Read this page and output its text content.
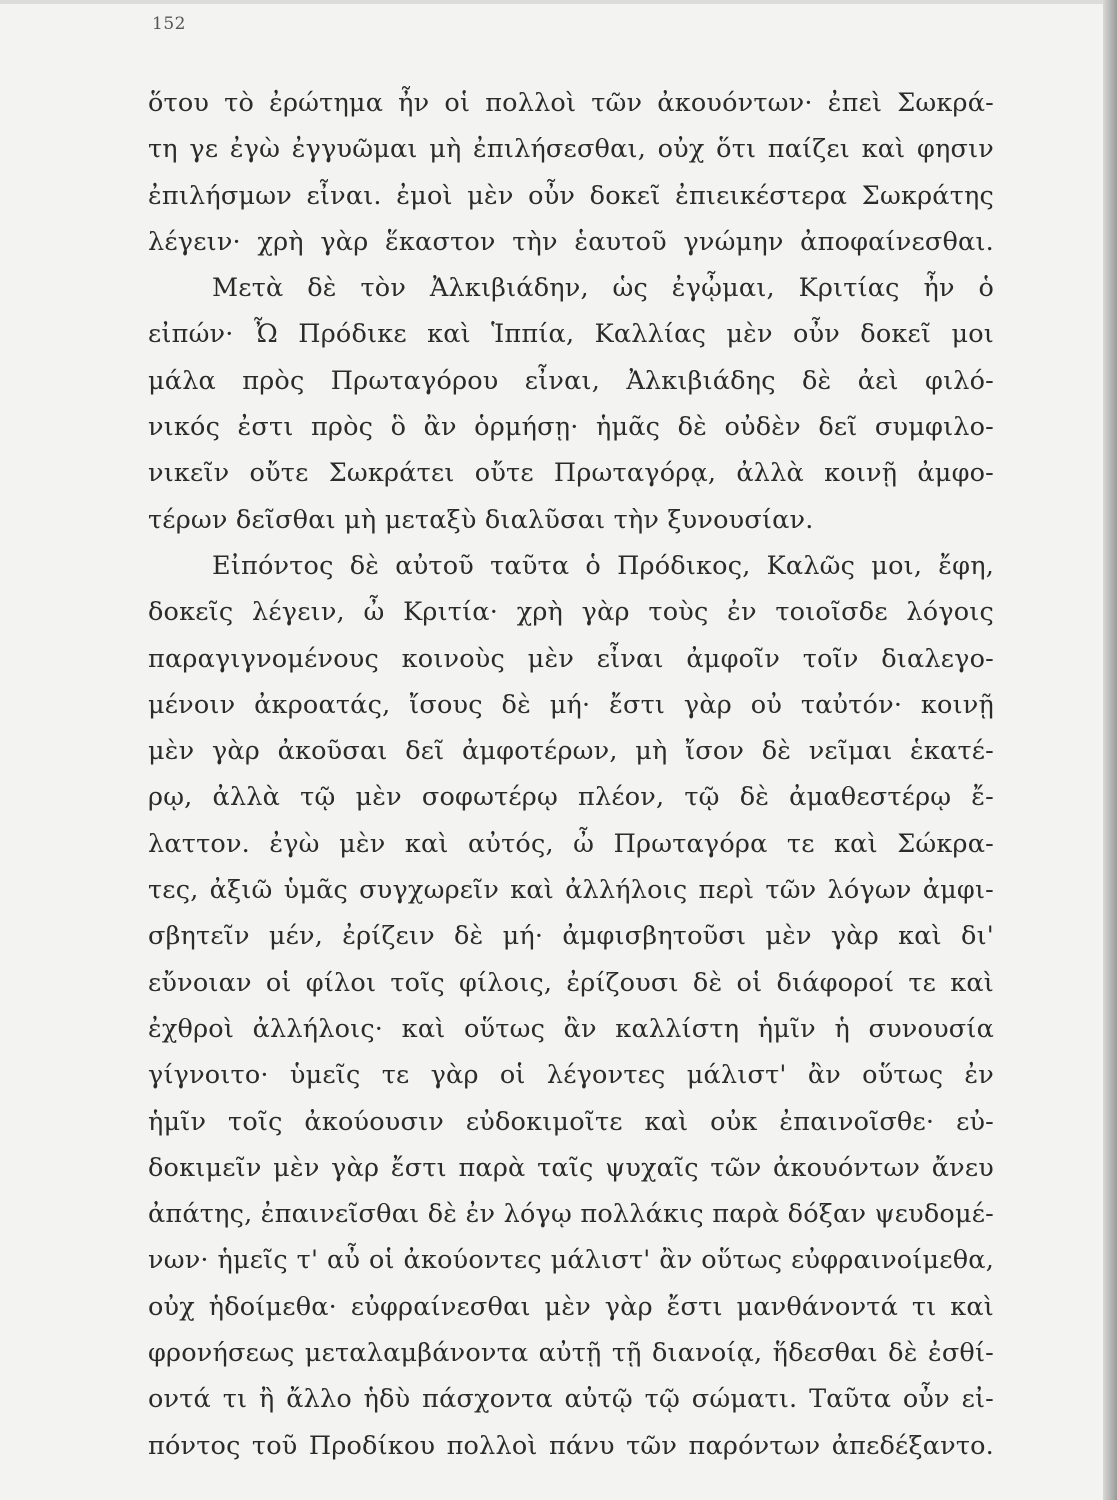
152
ὅτου τὸ ἐρώτημα ἦν οἱ πολλοὶ τῶν ἀκουόντων· ἐπεὶ Σωκρά-
τη γε ἐγὼ ἐγγυῶμαι μὴ ἐπιλήσεσθαι, οὐχ ὅτι παίζει καὶ φησιν
ἐπιλήσμων εἶναι. ἐμοὶ μὲν οὖν δοκεῖ ἐπιεικέστερα Σωκράτης
λέγειν· χρὴ γὰρ ἕκαστον τὴν ἑαυτοῦ γνώμην ἀποφαίνεσθαι.
Μετὰ δὲ τὸν Ἀλκιβιάδην, ὡς ἐγᾦμαι, Κριτίας ἦν ὁ
εἰπών· Ὦ Πρόδικε καὶ Ἱππία, Καλλίας μὲν οὖν δοκεῖ μοι
μάλα πρὸς Πρωταγόρου εἶναι, Ἀλκιβιάδης δὲ ἀεὶ φιλό-
νικός ἐστι πρὸς ὃ ἂν ὁρμήσῃ· ἡμᾶς δὲ οὐδὲν δεῖ συμφιλο-
νικεῖν οὔτε Σωκράτει οὔτε Πρωταγόρᾳ, ἀλλὰ κοινῇ ἀμφο-
τέρων δεῖσθαι μὴ μεταξὺ διαλῦσαι τὴν ξυνουσίαν.
Εἰπόντος δὲ αὐτοῦ ταῦτα ὁ Πρόδικος, Καλῶς μοι, ἔφη,
δοκεῖς λέγειν, ὦ Κριτία· χρὴ γὰρ τοὺς ἐν τοιοῖσδε λόγοις
παραγιγνομένους κοινοὺς μὲν εἶναι ἀμφοῖν τοῖν διαλεγο-
μένοιν ἀκροατάς, ἴσους δὲ μή· ἔστι γὰρ οὐ ταὐτόν· κοινῇ
μὲν γὰρ ἀκοῦσαι δεῖ ἀμφοτέρων, μὴ ἴσον δὲ νεῖμαι ἑκατέ-
ρῳ, ἀλλὰ τῷ μὲν σοφωτέρῳ πλέον, τῷ δὲ ἀμαθεστέρῳ ἔ-
λαττον. ἐγὼ μὲν καὶ αὐτός, ὦ Πρωταγόρα τε καὶ Σώκρα-
τες, ἀξιῶ ὑμᾶς συγχωρεῖν καὶ ἀλλήλοις περὶ τῶν λόγων ἀμφι-
σβητεῖν μέν, ἐρίζειν δὲ μή· ἀμφισβητοῦσι μὲν γὰρ καὶ δι'
εὔνοιαν οἱ φίλοι τοῖς φίλοις, ἐρίζουσι δὲ οἱ διάφοροί τε καὶ
ἐχθροὶ ἀλλήλοις· καὶ οὕτως ἂν καλλίστη ἡμῖν ἡ συνουσία
γίγνοιτο· ὑμεῖς τε γὰρ οἱ λέγοντες μάλιστ' ἂν οὕτως ἐν
ἡμῖν τοῖς ἀκούουσιν εὐδοκιμοῖτε καὶ οὐκ ἐπαινοῖσθε· εὐ-
δοκιμεῖν μὲν γὰρ ἔστι παρὰ ταῖς ψυχαῖς τῶν ἀκουόντων ἄνευ
ἀπάτης, ἐπαινεῖσθαι δὲ ἐν λόγῳ πολλάκις παρὰ δόξαν ψευδομέ-
νων· ἡμεῖς τ' αὖ οἱ ἀκούοντες μάλιστ' ἂν οὕτως εὐφραινοίμεθα,
οὐχ ἡδοίμεθα· εὐφραίνεσθαι μὲν γὰρ ἔστι μανθάνοντά τι καὶ
φρονήσεως μεταλαμβάνοντα αὐτῇ τῇ διανοίᾳ, ἥδεσθαι δὲ ἐσθί-
οντά τι ἢ ἄλλο ἡδὺ πάσχοντα αὐτῷ τῷ σώματι. Ταῦτα οὖν εἰ-
πόντος τοῦ Προδίκου πολλοὶ πάνυ τῶν παρόντων ἀπεδέξαντο.
